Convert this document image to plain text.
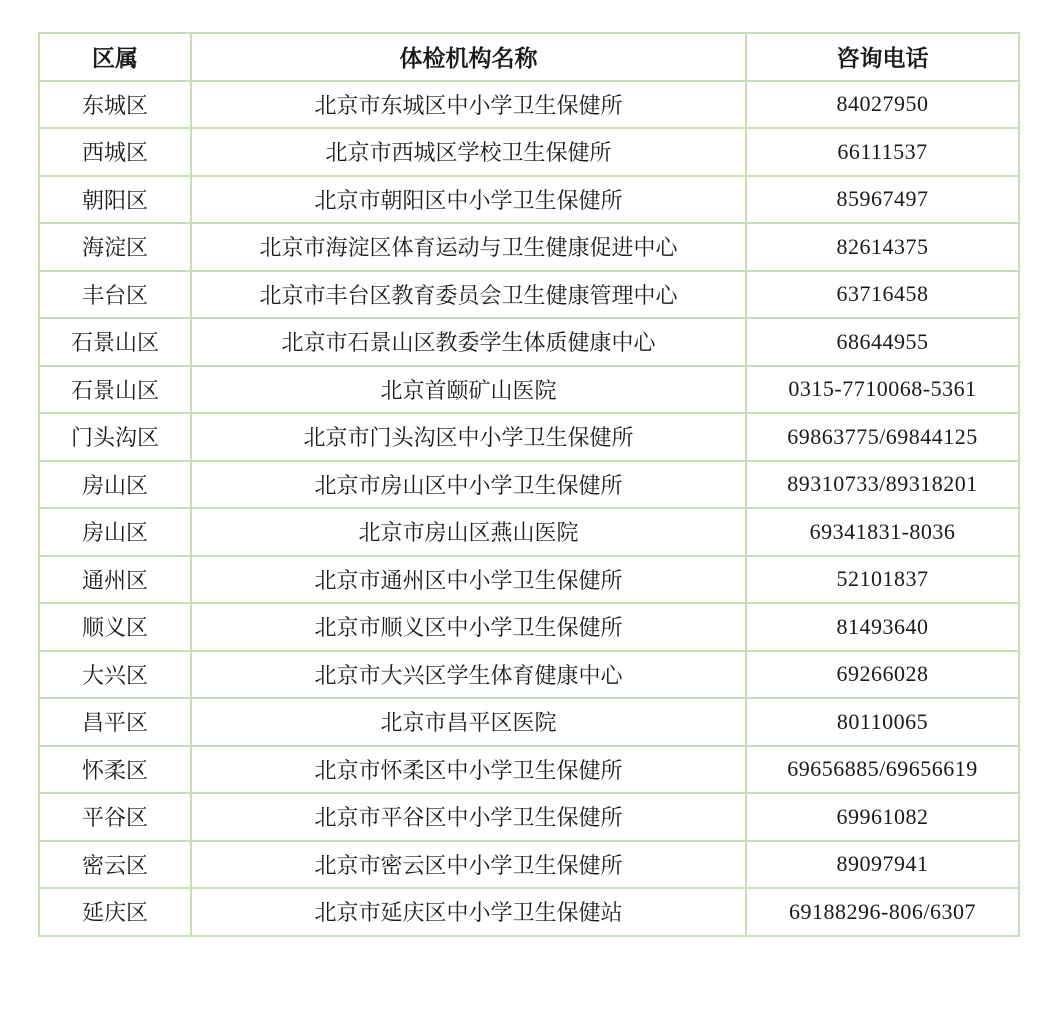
区属	体检机构名称	咨询电话
东城区	北京市东城区中小学卫生保健所	84027950
西城区	北京市西城区学校卫生保健所	66111537
朝阳区	北京市朝阳区中小学卫生保健所	85967497
海淀区	北京市海淀区体育运动与卫生健康促进中心	82614375
丰台区	北京市丰台区教育委员会卫生健康管理中心	63716458
石景山区	北京市石景山区教委学生体质健康中心	68644955
石景山区	北京首颐矿山医院	0315-7710068-5361
门头沟区	北京市门头沟区中小学卫生保健所	69863775/69844125
房山区	北京市房山区中小学卫生保健所	89310733/89318201
房山区	北京市房山区燕山医院	69341831-8036
通州区	北京市通州区中小学卫生保健所	52101837
顺义区	北京市顺义区中小学卫生保健所	81493640
大兴区	北京市大兴区学生体育健康中心	69266028
昌平区	北京市昌平区医院	80110065
怀柔区	北京市怀柔区中小学卫生保健所	69656885/69656619
平谷区	北京市平谷区中小学卫生保健所	69961082
密云区	北京市密云区中小学卫生保健所	89097941
延庆区	北京市延庆区中小学卫生保健站	69188296-806/6307
